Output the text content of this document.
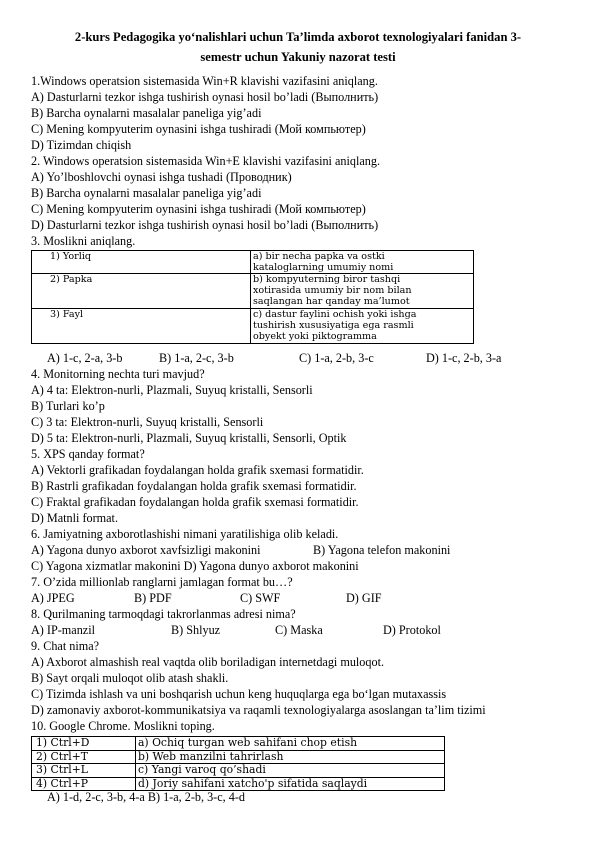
2-kurs Pedagogika yo‘nalishlari uchun Ta’limda axborot texnologiyalari fanidan 3-
semestr uchun Yakuniy nazorat testi
1.Windows operatsion sistemasida Win+R klavishi vazifasini aniqlang.
A) Dasturlarni tezkor ishga tushirish oynasi hosil bo’ladi (Выполнить)
B) Barcha oynalarni masalalar paneliga yig’adi
C) Mening kompyuterim oynasini ishga tushiradi (Мой компьютер)
D) Tizimdan chiqish
2. Windows operatsion sistemasida Win+E klavishi vazifasini aniqlang.
A) Yo’lboshlovchi oynasi ishga tushadi (Проводник)
B) Barcha oynalarni masalalar paneliga yig’adi
C) Mening kompyuterim oynasini ishga tushiradi (Мой компьютер)
D) Dasturlarni tezkor ishga tushirish oynasi hosil bo’ladi (Выполнить)
3. Moslikni aniqlang.
1) Yorliq	a) bir necha papka va ostki
kataloglarning umumiy nomi

2) Papka	b) kompyuterning biror tashqi
xotirasida umumiy bir nom bilan
saqlangan har qanday ma’lumot

3) Fayl	c) dastur faylini ochish yoki ishga
tushirish xususiyatiga ega rasmli
obyekt yoki piktogramma
A) 1-c, 2-a, 3-b	B) 1-a, 2-c, 3-b	C) 1-a, 2-b, 3-c	D) 1-c, 2-b, 3-a
4. Monitorning nechta turi mavjud?
A) 4 ta: Elektron-nurli, Plazmali, Suyuq kristalli, Sensorli
B) Turlari ko’p
C) 3 ta: Elektron-nurli, Suyuq kristalli, Sensorli
D) 5 ta: Elektron-nurli, Plazmali, Suyuq kristalli, Sensorli, Optik
5. XPS qanday format?
A) Vektorli grafikadan foydalangan holda grafik sxemasi formatidir.
B) Rastrli grafikadan foydalangan holda grafik sxemasi formatidir.
C) Fraktal grafikadan foydalangan holda grafik sxemasi formatidir.
D) Matnli format.
6. Jamiyatning axborotlashishi nimani yaratilishiga olib keladi.
A) Yagona dunyo axborot xavfsizligi makonini	B) Yagona telefon makonini
C) Yagona xizmatlar makonini D) Yagona dunyo axborot makonini
7. O’zida millionlab ranglarni jamlagan format bu…?
A) JPEG	B) PDF	C) SWF	D) GIF
8. Qurilmaning tarmoqdagi takrorlanmas adresi nima?
A) IP-manzil	B) Shlyuz	C) Maska	D) Protokol
9. Chat nima?
A) Axborot almashish real vaqtda olib boriladigan internetdagi muloqot.
B) Sayt orqali muloqot olib atash shakli.
C) Tizimda ishlash va uni boshqarish uchun keng huquqlarga ega bo‘lgan mutaxassis
D) zamonaviy axborot-kommunikatsiya va raqamli texnologiyalarga asoslangan ta’lim tizimi
10. Google Chrome. Moslikni toping.
1) Ctrl+D	a) Ochiq turgan web sahifani chop etish
2) Ctrl+T	b) Web manzilni tahrirlash
3) Ctrl+L	c) Yangi varoq qo’shadi
4) Ctrl+P	d) Joriy sahifani xatcho'p sifatida saqlaydi
A) 1-d, 2-c, 3-b, 4-a B) 1-a, 2-b, 3-c, 4-d
